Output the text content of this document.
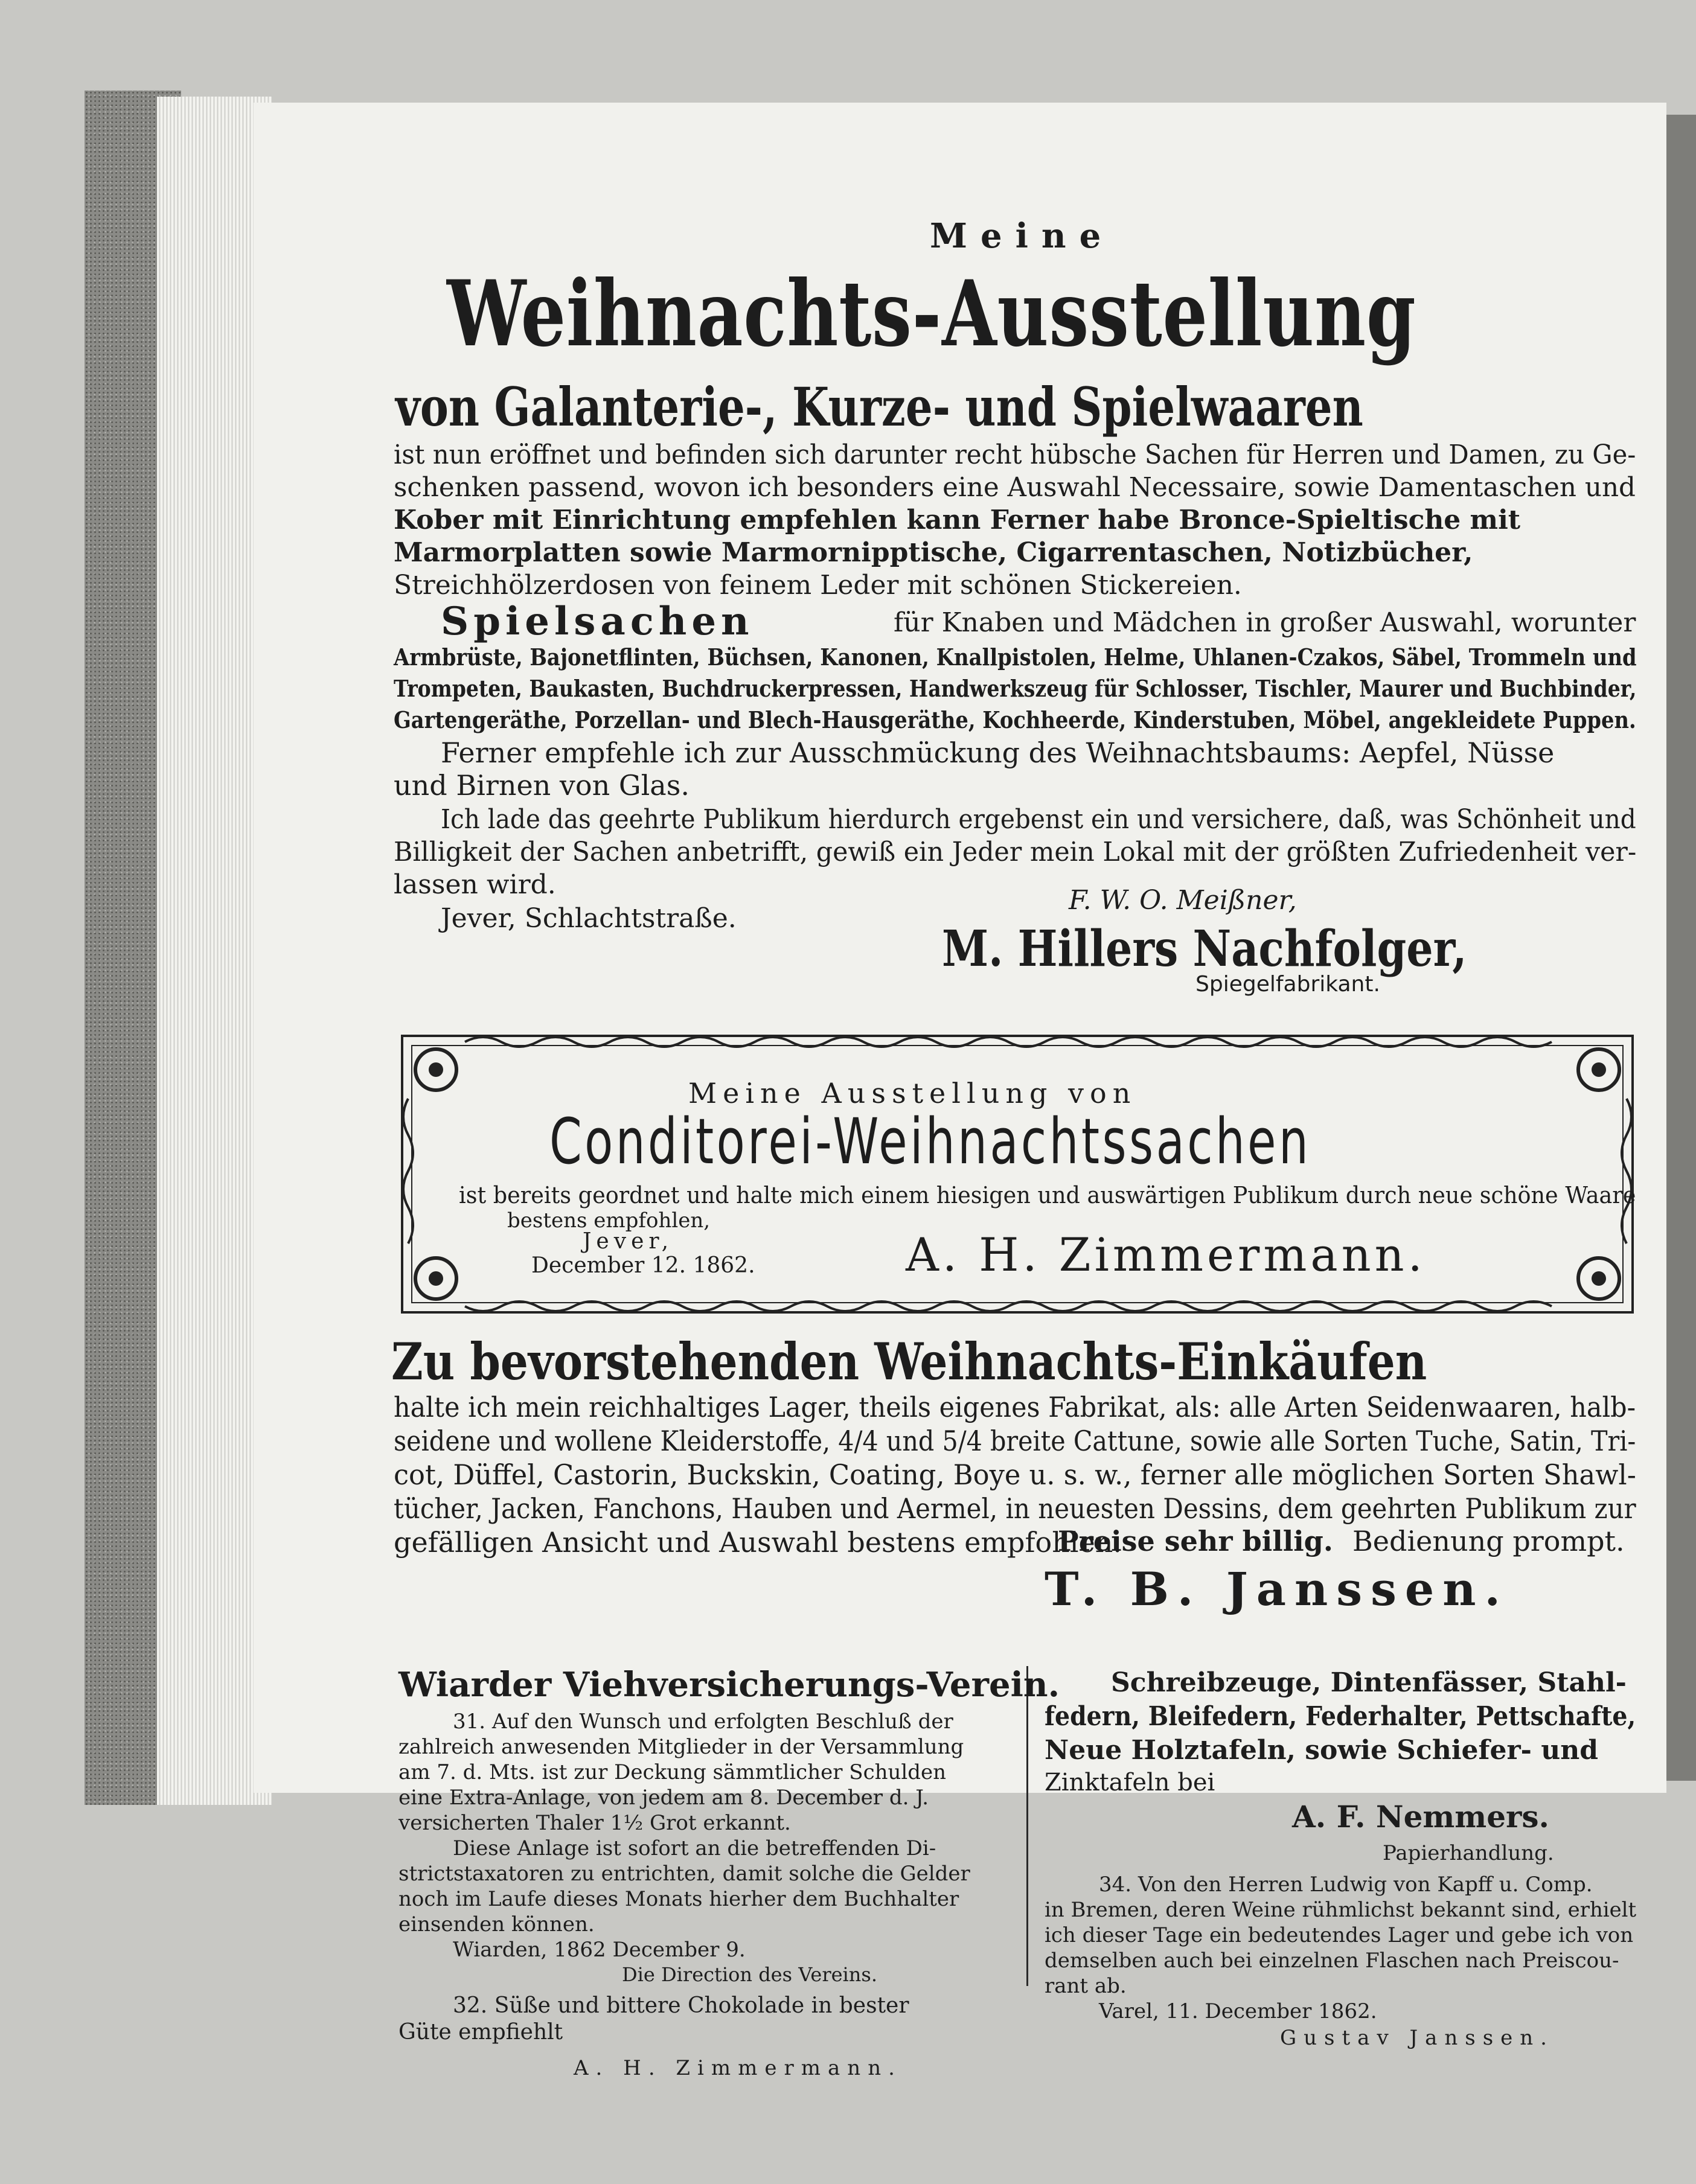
Meine
Weihnachts-Ausstellung
von Galanterie-, Kurze- und Spielwaaren
ist nun eröffnet und befinden sich darunter recht hübsche Sachen für Herren und Damen, zu Ge-
schenken passend, wovon ich besonders eine Auswahl Necessaire, sowie Damentaschen und
Kober mit Einrichtung empfehlen kann Ferner habe Bronce-Spieltische mit
Marmorplatten sowie Marmornipptische, Cigarrentaschen, Notizbücher,
Streichhölzerdosen von feinem Leder mit schönen Stickereien.
Spielsachen	für Knaben und Mädchen in großer Auswahl, worunter
Armbrüste, Bajonetflinten, Büchsen, Kanonen, Knallpistolen, Helme, Uhlanen-Czakos, Säbel, Trommeln und
Trompeten, Baukasten, Buchdruckerpressen, Handwerkszeug für Schlosser, Tischler, Maurer und Buchbinder,
Gartengeräthe, Porzellan- und Blech-Hausgeräthe, Kochheerde, Kinderstuben, Möbel, angekleidete Puppen.
Ferner empfehle ich zur Ausschmückung des Weihnachtsbaums: Aepfel, Nüsse
und Birnen von Glas.
Ich lade das geehrte Publikum hierdurch ergebenst ein und versichere, daß, was Schönheit und
Billigkeit der Sachen anbetrifft, gewiß ein Jeder mein Lokal mit der größten Zufriedenheit ver-
lassen wird.
Jever, Schlachtstraße.
F. W. O. Meißner,
M. Hillers Nachfolger,
Spiegelfabrikant.
Meine Ausstellung von
Conditorei-Weihnachtssachen
ist bereits geordnet und halte mich einem hiesigen und auswärtigen Publikum durch neue schöne Waare
bestens empfohlen,
Jever,
December 12. 1862.	A. H. Zimmermann.
Zu bevorstehenden Weihnachts-Einkäufen
halte ich mein reichhaltiges Lager, theils eigenes Fabrikat, als: alle Arten Seidenwaaren, halb-
seidene und wollene Kleiderstoffe, 4/4 und 5/4 breite Cattune, sowie alle Sorten Tuche, Satin, Tri-
cot, Düffel, Castorin, Buckskin, Coating, Boye u. s. w., ferner alle möglichen Sorten Shawl-
tücher, Jacken, Fanchons, Hauben und Aermel, in neuesten Dessins, dem geehrten Publikum zur
gefälligen Ansicht und Auswahl bestens empfohlen.
Preise sehr billig. Bedienung prompt.
T. B. Janssen.
Wiarder Viehversicherungs-Verein.
31. Auf den Wunsch und erfolgten Beschluß der
zahlreich anwesenden Mitglieder in der Versammlung
am 7. d. Mts. ist zur Deckung sämmtlicher Schulden
eine Extra-Anlage, von jedem am 8. December d. J.
versicherten Thaler 1½ Grot erkannt.
Diese Anlage ist sofort an die betreffenden Di-
strictstaxatoren zu entrichten, damit solche die Gelder
noch im Laufe dieses Monats hierher dem Buchhalter
einsenden können.
Wiarden, 1862 December 9.
Die Direction des Vereins.
Schreibzeuge, Dintenfässer, Stahl-
federn, Bleifedern, Federhalter, Pettschafte,
Neue Holztafeln, sowie Schiefer- und
Zinktafeln bei
A. F. Nemmers.
Papierhandlung.
34. Von den Herren Ludwig von Kapff u. Comp.
in Bremen, deren Weine rühmlichst bekannt sind, erhielt
ich dieser Tage ein bedeutendes Lager und gebe ich von
demselben auch bei einzelnen Flaschen nach Preiscou-
rant ab.
Varel, 11. December 1862.
Gustav Janssen.
32. Süße und bittere Chokolade in bester
Güte empfiehlt
A. H. Zimmermann.
